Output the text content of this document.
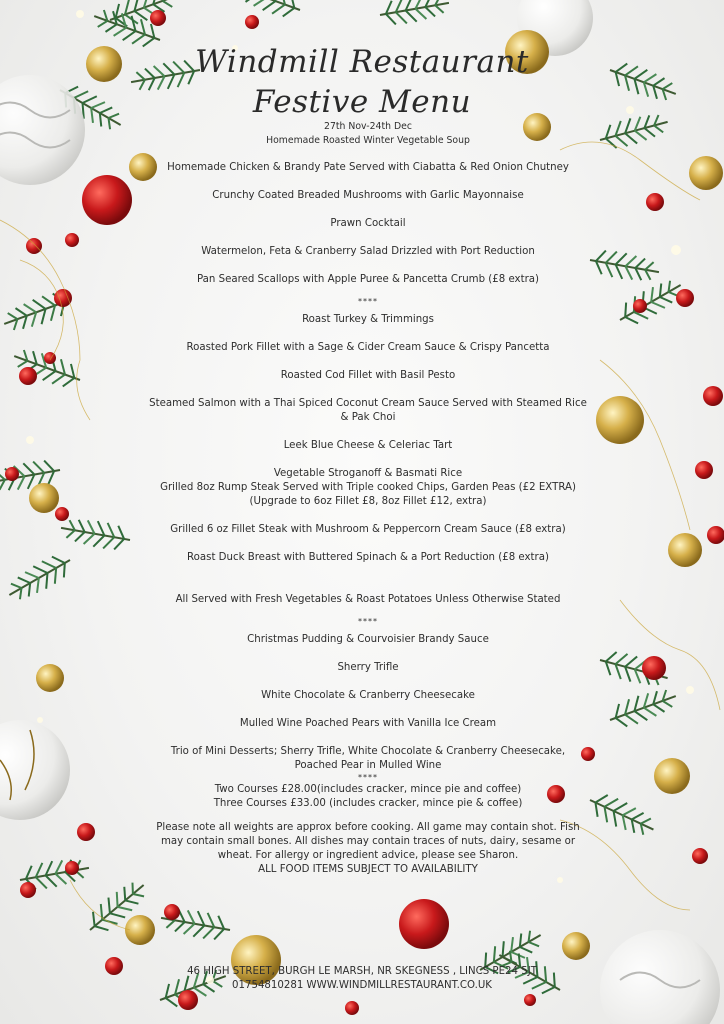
Windmill Restaurant
Festive Menu
27th Nov-24th Dec
Homemade Roasted Winter Vegetable Soup
Homemade Chicken & Brandy Pate Served with Ciabatta & Red Onion Chutney
Crunchy Coated Breaded Mushrooms with Garlic Mayonnaise
Prawn Cocktail
Watermelon, Feta & Cranberry Salad Drizzled with Port Reduction
Pan Seared Scallops with Apple Puree & Pancetta Crumb (£8 extra)
****
Roast Turkey & Trimmings
Roasted Pork Fillet with a Sage & Cider Cream Sauce & Crispy Pancetta
Roasted Cod Fillet with Basil Pesto
Steamed Salmon with a Thai Spiced Coconut Cream Sauce Served with Steamed Rice & Pak Choi
Leek Blue Cheese & Celeriac Tart
Vegetable Stroganoff & Basmati Rice
Grilled 8oz Rump Steak Served with Triple cooked Chips, Garden Peas (£2 EXTRA)
(Upgrade to 6oz Fillet £8, 8oz Fillet £12, extra)
Grilled 6 oz Fillet Steak with Mushroom & Peppercorn Cream Sauce (£8 extra)
Roast Duck Breast with Buttered Spinach & a Port Reduction (£8 extra)
All Served with Fresh Vegetables & Roast Potatoes Unless Otherwise Stated
****
Christmas Pudding & Courvoisier Brandy Sauce
Sherry Trifle
White Chocolate & Cranberry Cheesecake
Mulled Wine Poached Pears with Vanilla Ice Cream
Trio of Mini Desserts; Sherry Trifle, White Chocolate & Cranberry Cheesecake, Poached Pear in Mulled Wine
****
Two Courses £28.00(includes cracker, mince pie and coffee)
Three Courses £33.00 (includes cracker, mince pie & coffee)
Please note all weights are approx before cooking. All game may contain shot. Fish may contain small bones. All dishes may contain traces of nuts, dairy, sesame or wheat. For allergy or ingredient advice, please see Sharon.
ALL FOOD ITEMS SUBJECT TO AVAILABILITY
46 HIGH STREET, BURGH LE MARSH, NR SKEGNESS , LINCS PE24 5JT
01754810281 WWW.WINDMILLRESTAURANT.CO.UK
